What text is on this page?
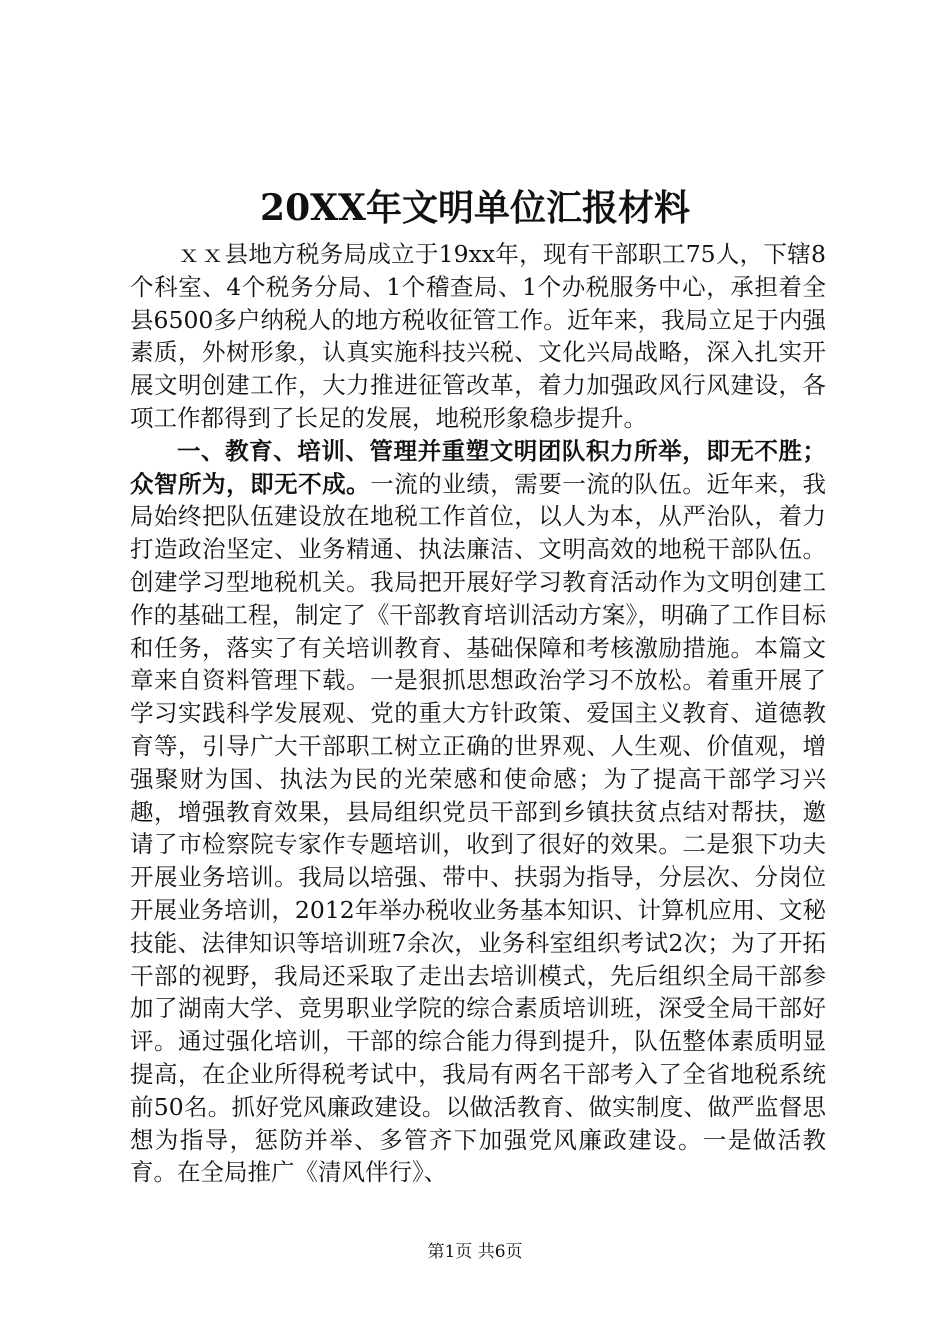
20XX年文明单位汇报材料

ｘｘ县地方税务局成立于19xx年，现有干部职工75人，下辖8个科室、4个税务分局、1个稽查局、1个办税服务中心，承担着全县6500多户纳税人的地方税收征管工作。近年来，我局立足于内强素质，外树形象，认真实施科技兴税、文化兴局战略，深入扎实开展文明创建工作，大力推进征管改革，着力加强政风行风建设，各项工作都得到了长足的发展，地税形象稳步提升。

一、教育、培训、管理并重塑文明团队积力所举，即无不胜；众智所为，即无不成。一流的业绩，需要一流的队伍。近年来，我局始终把队伍建设放在地税工作首位，以人为本，从严治队，着力打造政治坚定、业务精通、执法廉洁、文明高效的地税干部队伍。创建学习型地税机关。我局把开展好学习教育活动作为文明创建工作的基础工程，制定了《干部教育培训活动方案》，明确了工作目标和任务，落实了有关培训教育、基础保障和考核激励措施。本篇文章来自资料管理下载。一是狠抓思想政治学习不放松。着重开展了学习实践科学发展观、党的重大方针政策、爱国主义教育、道德教育等，引导广大干部职工树立正确的世界观、人生观、价值观，增强聚财为国、执法为民的光荣感和使命感；为了提高干部学习兴趣，增强教育效果，县局组织党员干部到乡镇扶贫点结对帮扶，邀请了市检察院专家作专题培训，收到了很好的效果。二是狠下功夫开展业务培训。我局以培强、带中、扶弱为指导，分层次、分岗位开展业务培训，2012年举办税收业务基本知识、计算机应用、文秘技能、法律知识等培训班7余次，业务科室组织考试2次；为了开拓干部的视野，我局还采取了走出去培训模式，先后组织全局干部参加了湖南大学、竞男职业学院的综合素质培训班，深受全局干部好评。通过强化培训，干部的综合能力得到提升，队伍整体素质明显提高，在企业所得税考试中，我局有两名干部考入了全省地税系统前50名。抓好党风廉政建设。以做活教育、做实制度、做严监督思想为指导，惩防并举、多管齐下加强党风廉政建设。一是做活教育。在全局推广《清风伴行》、

第1页 共6页
